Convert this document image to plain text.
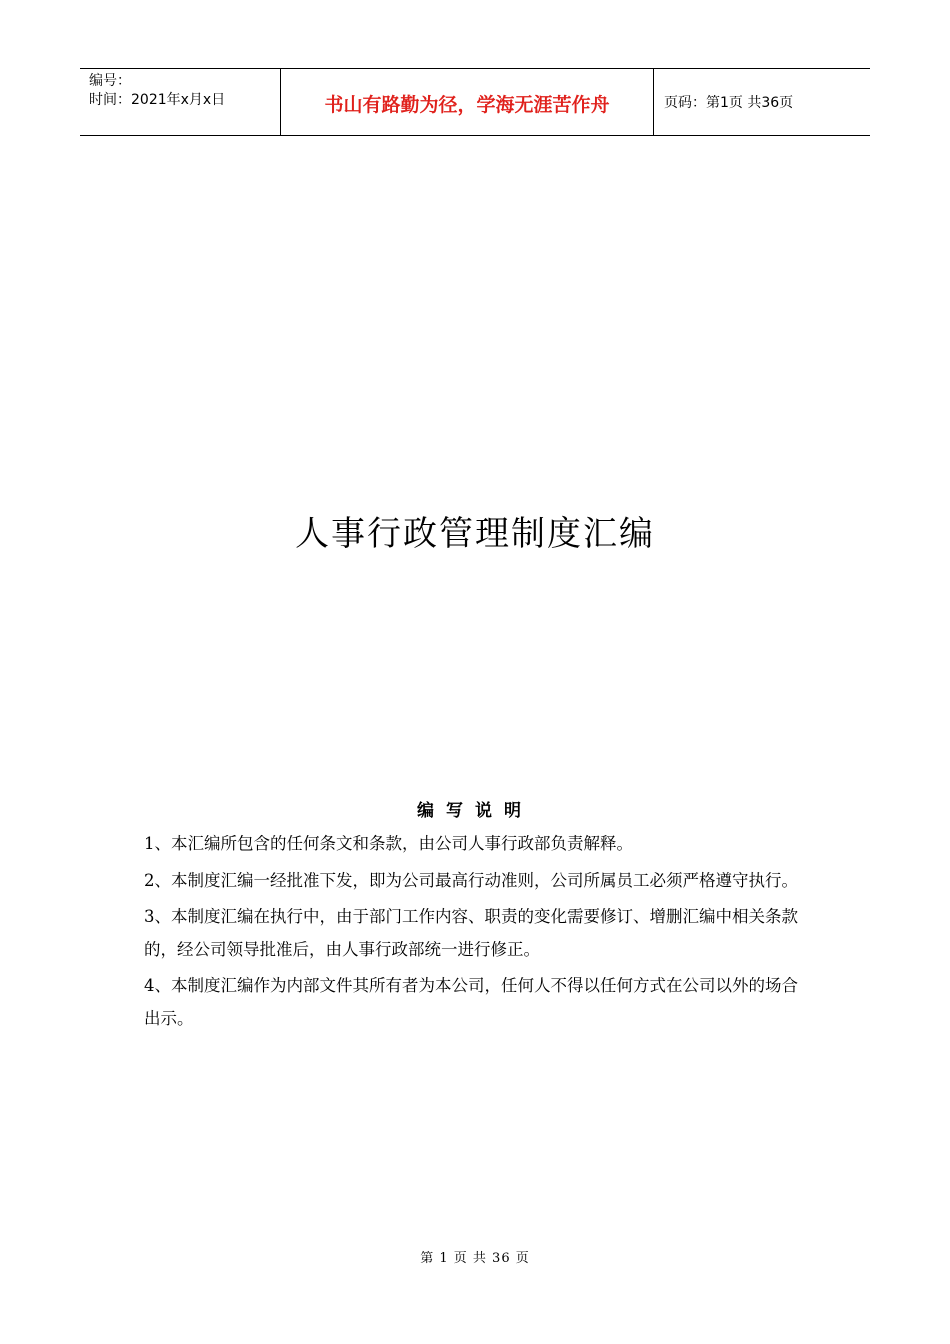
编号：
时间：2021年x月x日	书山有路勤为径，学海无涯苦作舟	页码：第1页 共36页
人事行政管理制度汇编
编写说明

1、本汇编所包含的任何条文和条款，由公司人事行政部负责解释。

2、本制度汇编一经批准下发，即为公司最高行动准则，公司所属员工必须严格遵守执行。

3、本制度汇编在执行中，由于部门工作内容、职责的变化需要修订、增删汇编中相关条款的，经公司领导批准后，由人事行政部统一进行修正。

4、本制度汇编作为内部文件其所有者为本公司，任何人不得以任何方式在公司以外的场合出示。

第 1 页 共 36 页
